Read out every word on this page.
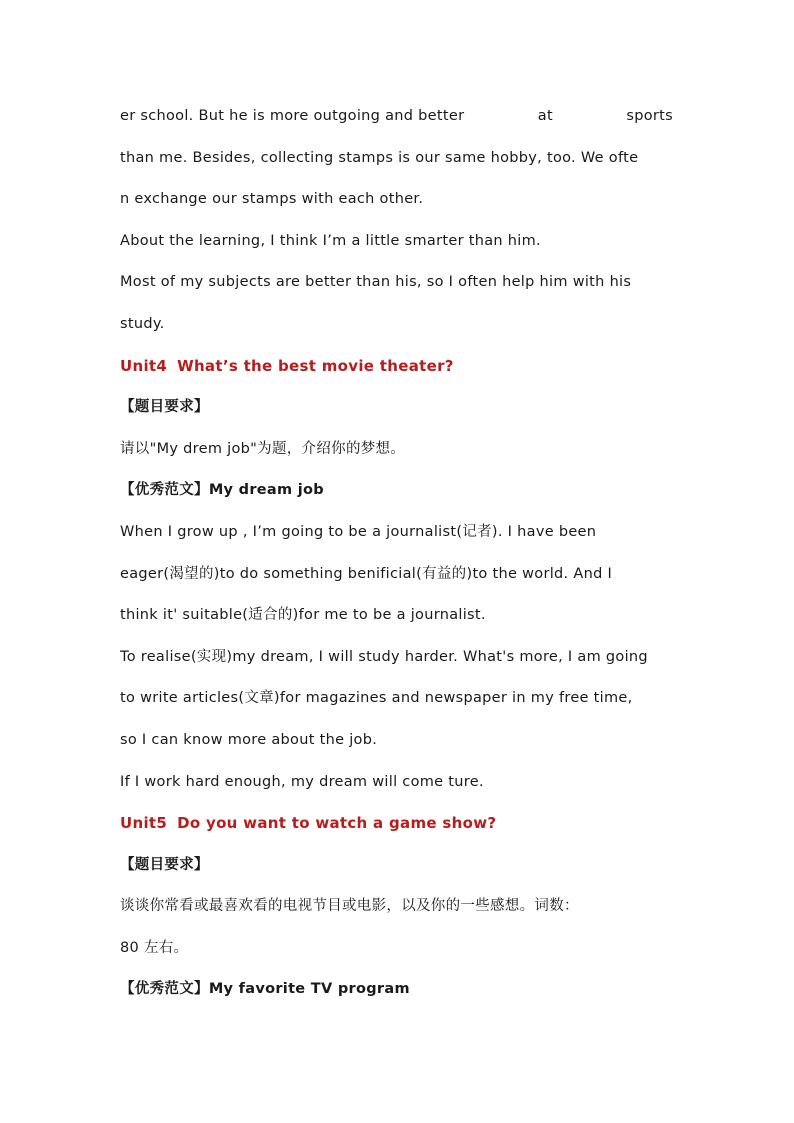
er school. But he is more outgoing and better	at	sports
than me. Besides, collecting stamps is our same hobby, too. We ofte
n exchange our stamps with each other.
About the learning, I think I’m a little smarter than him.
Most of my subjects are better than his, so I often help him with his
study.
Unit4 What’s the best movie theater?
【题目要求】
请以"My drem job"为题，介绍你的梦想。
【优秀范文】My dream job
When I grow up , I’m going to be a journalist(记者). I have been
eager(渴望的)to do something benificial(有益的)to the world. And I
think it' suitable(适合的)for me to be a journalist.
To realise(实现)my dream, I will study harder. What's more, I am going
to write articles(文章)for magazines and newspaper in my free time,
so I can know more about the job.
If I work hard enough, my dream will come ture.
Unit5 Do you want to watch a game show?
【题目要求】
谈谈你常看或最喜欢看的电视节目或电影，以及你的一些感想。词数：
80 左右。
【优秀范文】My favorite TV program
